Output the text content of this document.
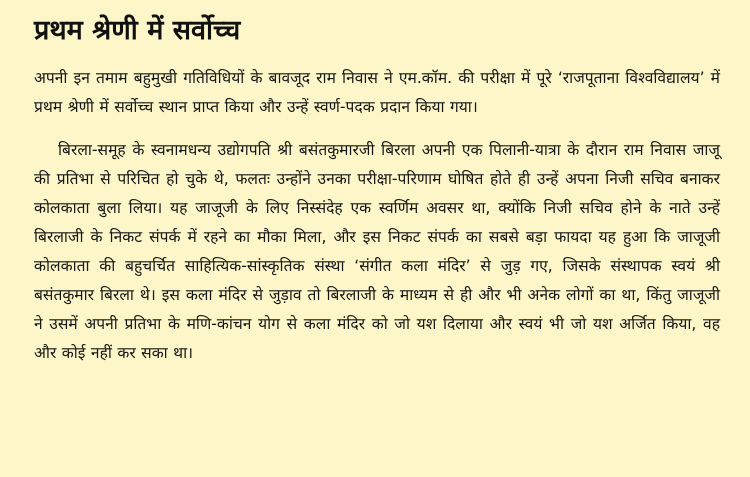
प्रथम श्रेणी में सर्वोच्च

अपनी इन तमाम बहुमुखी गतिविधियों के बावजूद राम निवास ने एम.कॉम. की परीक्षा में पूरे ‘राजपूताना विश्वविद्यालय’ में प्रथम श्रेणी में सर्वोच्च स्थान प्राप्त किया और उन्हें स्वर्ण-पदक प्रदान किया गया।

बिरला-समूह के स्वनामधन्य उद्योगपति श्री बसंतकुमारजी बिरला अपनी एक पिलानी-यात्रा के दौरान राम निवास जाजू की प्रतिभा से परिचित हो चुके थे, फलतः उन्होंने उनका परीक्षा-परिणाम घोषित होते ही उन्हें अपना निजी सचिव बनाकर कोलकाता बुला लिया। यह जाजूजी के लिए निस्संदेह एक स्वर्णिम अवसर था, क्योंकि निजी सचिव होने के नाते उन्हें बिरलाजी के निकट संपर्क में रहने का मौका मिला, और इस निकट संपर्क का सबसे बड़ा फायदा यह हुआ कि जाजूजी कोलकाता की बहुचर्चित साहित्यिक-सांस्कृतिक संस्था ‘संगीत कला मंदिर’ से जुड़ गए, जिसके संस्थापक स्वयं श्री बसंतकुमार बिरला थे। इस कला मंदिर से जुड़ाव तो बिरलाजी के माध्यम से ही और भी अनेक लोगों का था, किंतु जाजूजी ने उसमें अपनी प्रतिभा के मणि-कांचन योग से कला मंदिर को जो यश दिलाया और स्वयं भी जो यश अर्जित किया, वह और कोई नहीं कर सका था।
